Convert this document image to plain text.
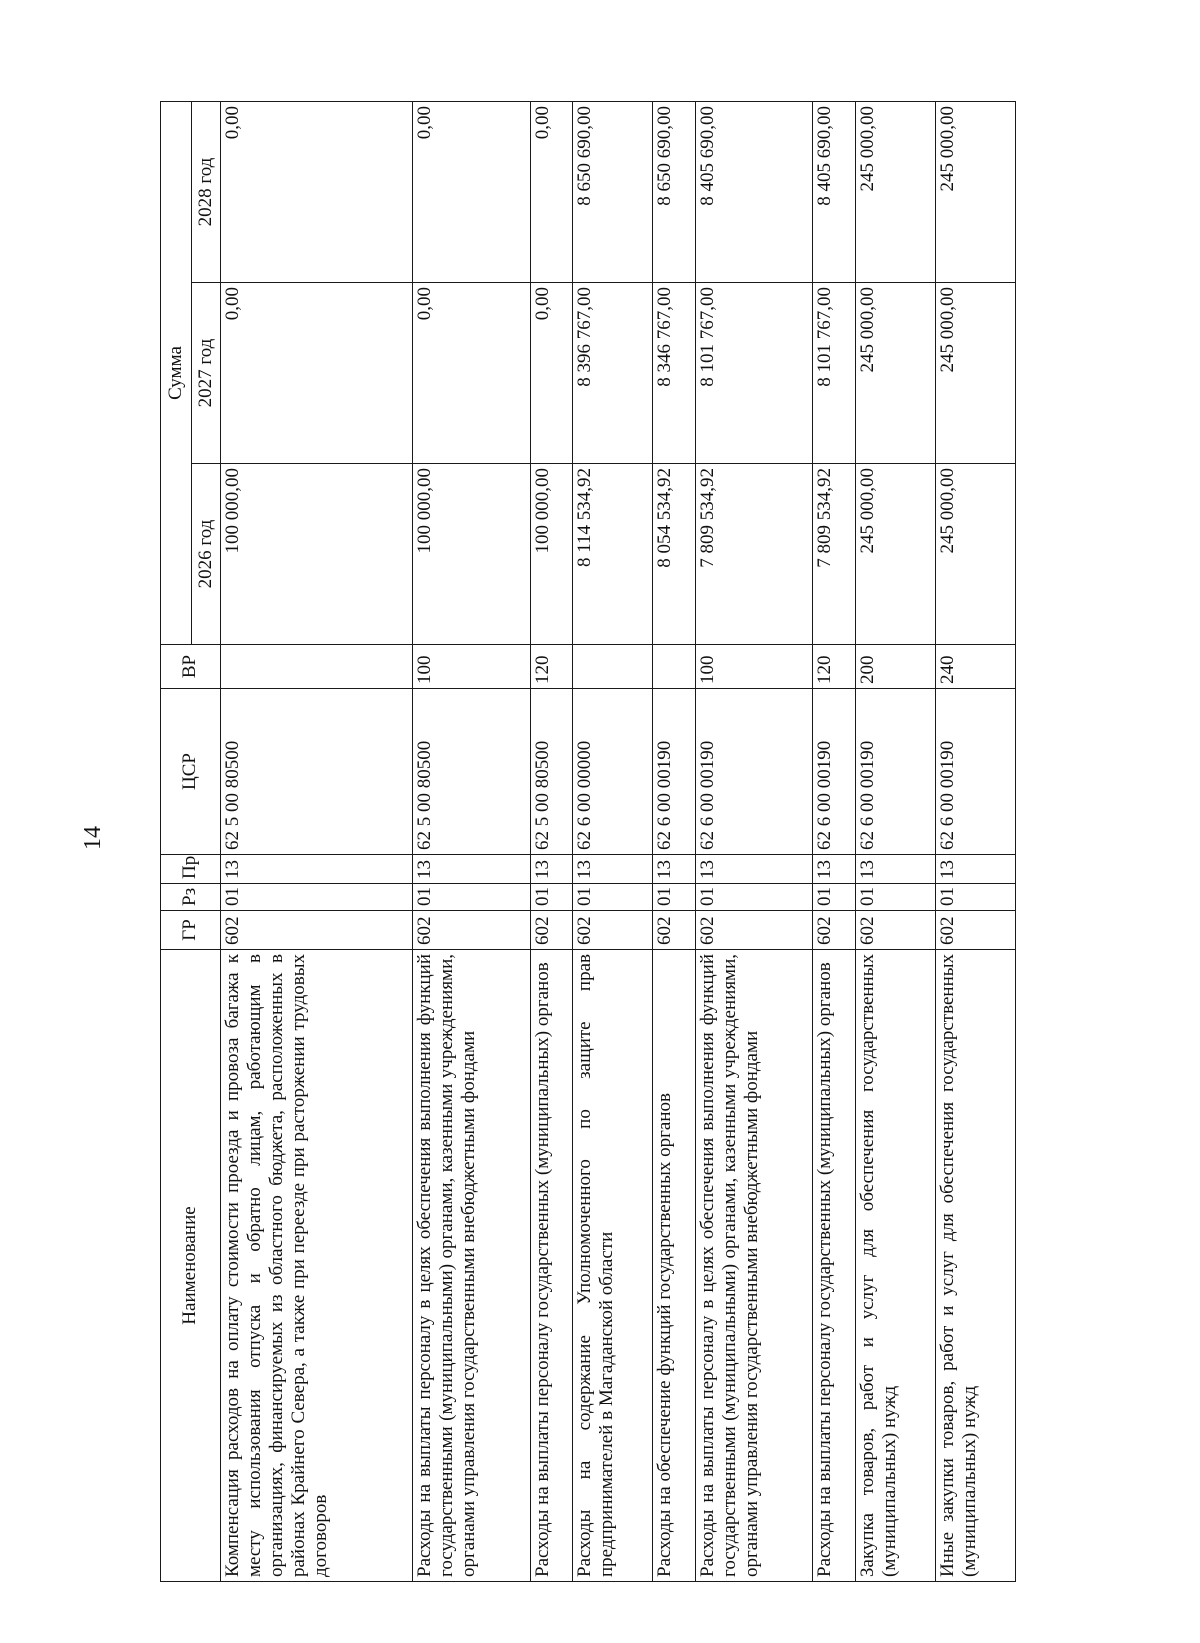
14
Наименование	ГР	Рз	Пр	ЦСР	ВР	Сумма		
						2026 год	2027 год	2028 год
Компенсация расходов на оплату стоимости проезда и провоза багажа к месту использования отпуска и обратно лицам, работающим в организациях, финансируемых из областного бюджета, расположенных в районах Крайнего Севера, а также при переезде при расторжении трудовых договоров	602	01	13	62 5 00 80500		100 000,00	0,00	0,00
Расходы на выплаты персоналу в целях обеспечения выполнения функций государственными (муниципальными) органами, казенными учреждениями, органами управления государственными внебюджетными фондами	602	01	13	62 5 00 80500	100	100 000,00	0,00	0,00
Расходы на выплаты персоналу государственных (муниципальных) органов	602	01	13	62 5 00 80500	120	100 000,00	0,00	0,00
Расходы на содержание Уполномоченного по защите прав предпринимателей в Магаданской области	602	01	13	62 6 00 00000		8 114 534,92	8 396 767,00	8 650 690,00
Расходы на обеспечение функций государственных органов	602	01	13	62 6 00 00190		8 054 534,92	8 346 767,00	8 650 690,00
Расходы на выплаты персоналу в целях обеспечения выполнения функций государственными (муниципальными) органами, казенными учреждениями, органами управления государственными внебюджетными фондами	602	01	13	62 6 00 00190	100	7 809 534,92	8 101 767,00	8 405 690,00
Расходы на выплаты персоналу государственных (муниципальных) органов	602	01	13	62 6 00 00190	120	7 809 534,92	8 101 767,00	8 405 690,00
Закупка товаров, работ и услуг для обеспечения государственных (муниципальных) нужд	602	01	13	62 6 00 00190	200	245 000,00	245 000,00	245 000,00
Иные закупки товаров, работ и услуг для обеспечения государственных (муниципальных) нужд	602	01	13	62 6 00 00190	240	245 000,00	245 000,00	245 000,00
